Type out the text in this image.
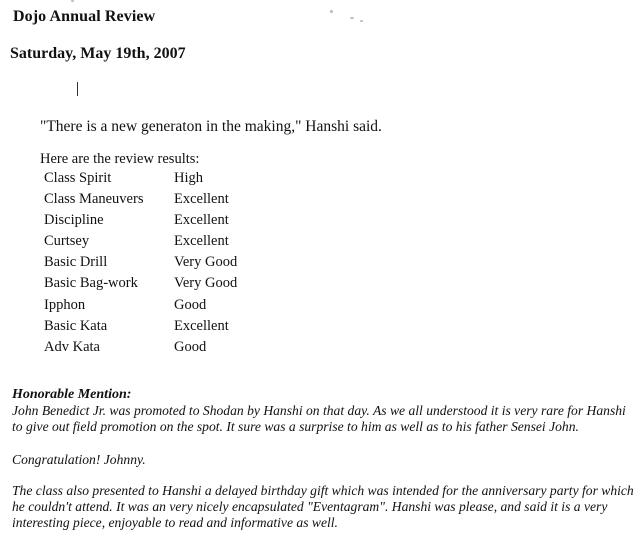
Dojo Annual Review
Saturday, May 19th, 2007
"There is a new generaton in the making," Hanshi said.
Here are the review results:
Class Spirit	High
Class Maneuvers Excellent
Discipline	Excellent
Curtsey	Excellent
Basic Drill	Very Good
Basic Bag-work Very Good
Ipphon	Good
Basic Kata	Excellent
Adv Kata	Good
Honorable Mention:

John Benedict Jr. was promoted to Shodan by Hanshi on that day. As we all understood it is very rare for Hanshi to give out field promotion on the spot. It sure was a surprise to him as well as to his father Sensei John.

Congratulation! Johnny.

The class also presented to Hanshi a delayed birthday gift which was intended for the anniversary party for which he couldn't attend. It was an very nicely encapsulated "Eventagram". Hanshi was please, and said it is a very interesting piece, enjoyable to read and informative as well.
